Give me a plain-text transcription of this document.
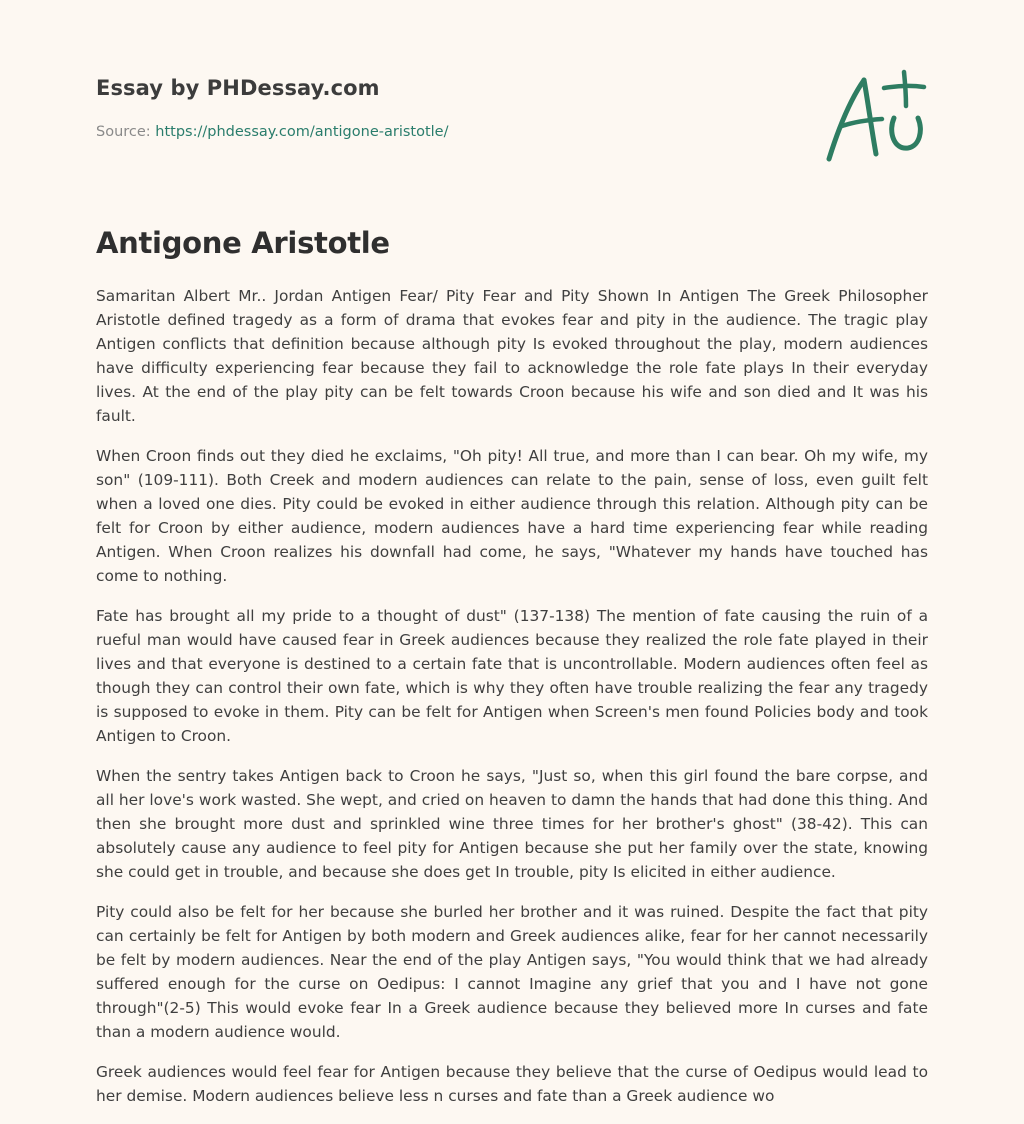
Essay by PHDessay.com
Source: https://phdessay.com/antigone-aristotle/
Antigone Aristotle

Samaritan Albert Mr.. Jordan Antigen Fear/ Pity Fear and Pity Shown In Antigen The Greek Philosopher Aristotle defined tragedy as a form of drama that evokes fear and pity in the audience. The tragic play Antigen conflicts that definition because although pity Is evoked throughout the play, modern audiences have difficulty experiencing fear because they fail to acknowledge the role fate plays In their everyday lives. At the end of the play pity can be felt towards Croon because his wife and son died and It was his fault.

When Croon finds out they died he exclaims, "Oh pity! All true, and more than I can bear. Oh my wife, my son" (109-111). Both Creek and modern audiences can relate to the pain, sense of loss, even guilt felt when a loved one dies. Pity could be evoked in either audience through this relation. Although pity can be felt for Croon by either audience, modern audiences have a hard time experiencing fear while reading Antigen. When Croon realizes his downfall had come, he says, "Whatever my hands have touched has come to nothing.

Fate has brought all my pride to a thought of dust" (137-138) The mention of fate causing the ruin of a rueful man would have caused fear in Greek audiences because they realized the role fate played in their lives and that everyone is destined to a certain fate that is uncontrollable. Modern audiences often feel as though they can control their own fate, which is why they often have trouble realizing the fear any tragedy is supposed to evoke in them. Pity can be felt for Antigen when Screen's men found Policies body and took Antigen to Croon.

When the sentry takes Antigen back to Croon he says, "Just so, when this girl found the bare corpse, and all her love's work wasted. She wept, and cried on heaven to damn the hands that had done this thing. And then she brought more dust and sprinkled wine three times for her brother's ghost" (38-42). This can absolutely cause any audience to feel pity for Antigen because she put her family over the state, knowing she could get in trouble, and because she does get In trouble, pity Is elicited in either audience.

Pity could also be felt for her because she burled her brother and it was ruined. Despite the fact that pity can certainly be felt for Antigen by both modern and Greek audiences alike, fear for her cannot necessarily be felt by modern audiences. Near the end of the play Antigen says, "You would think that we had already suffered enough for the curse on Oedipus: I cannot Imagine any grief that you and I have not gone through"(2-5) This would evoke fear In a Greek audience because they believed more In curses and fate than a modern audience would.

Greek audiences would feel fear for Antigen because they believe that the curse of Oedipus would lead to her demise. Modern audiences believe less n curses and fate than a Greek audience wo
